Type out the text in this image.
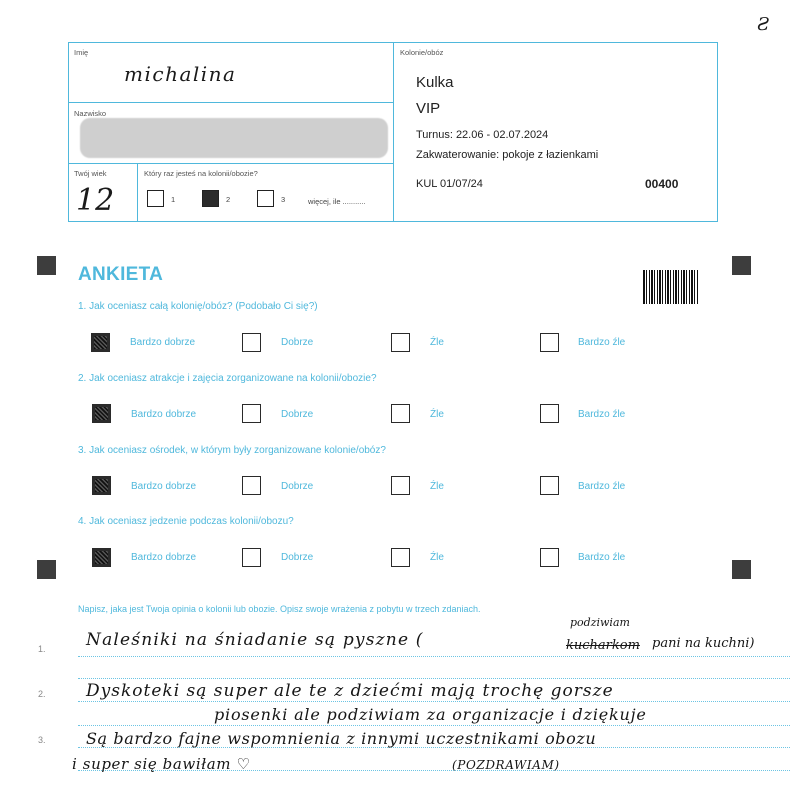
Imię
michalina
Nazwisko
Twój wiek
12
Który raz jesteś na kolonii/obozie?
1	2	3	więcej, ile ...........
Kolonie/obóz
Kulka
VIP
Turnus: 22.06 - 02.07.2024
Zakwaterowanie: pokoje z łazienkami
KUL 01/07/24	00400
Ƨ
ANKIETA
1. Jak oceniasz całą kolonię/obóz? (Podobało Ci się?)
Bardzo dobrze	Dobrze	Źle	Bardzo źle
2. Jak oceniasz atrakcje i zajęcia zorganizowane na kolonii/obozie?
Bardzo dobrze	Dobrze	Źle	Bardzo źle
3. Jak oceniasz ośrodek, w którym były zorganizowane kolonie/obóz?
Bardzo dobrze	Dobrze	Źle	Bardzo źle
4. Jak oceniasz jedzenie podczas kolonii/obozu?
Bardzo dobrze	Dobrze	Źle	Bardzo źle
Napisz, jaka jest Twoja opinia o kolonii lub obozie. Opisz swoje wrażenia z pobytu w trzech zdaniach.
1.
2.
3.
Naleśniki na śniadanie są pyszne (
podziwiam
kucharkom pani na kuchni)
Dyskoteki są super ale te z dziećmi mają trochę gorsze
piosenki ale podziwiam za organizacje i dziękuje
Są bardzo fajne wspomnienia z innymi uczestnikami obozu
i super się bawiłam ♡	(POZDRAWIAM)
